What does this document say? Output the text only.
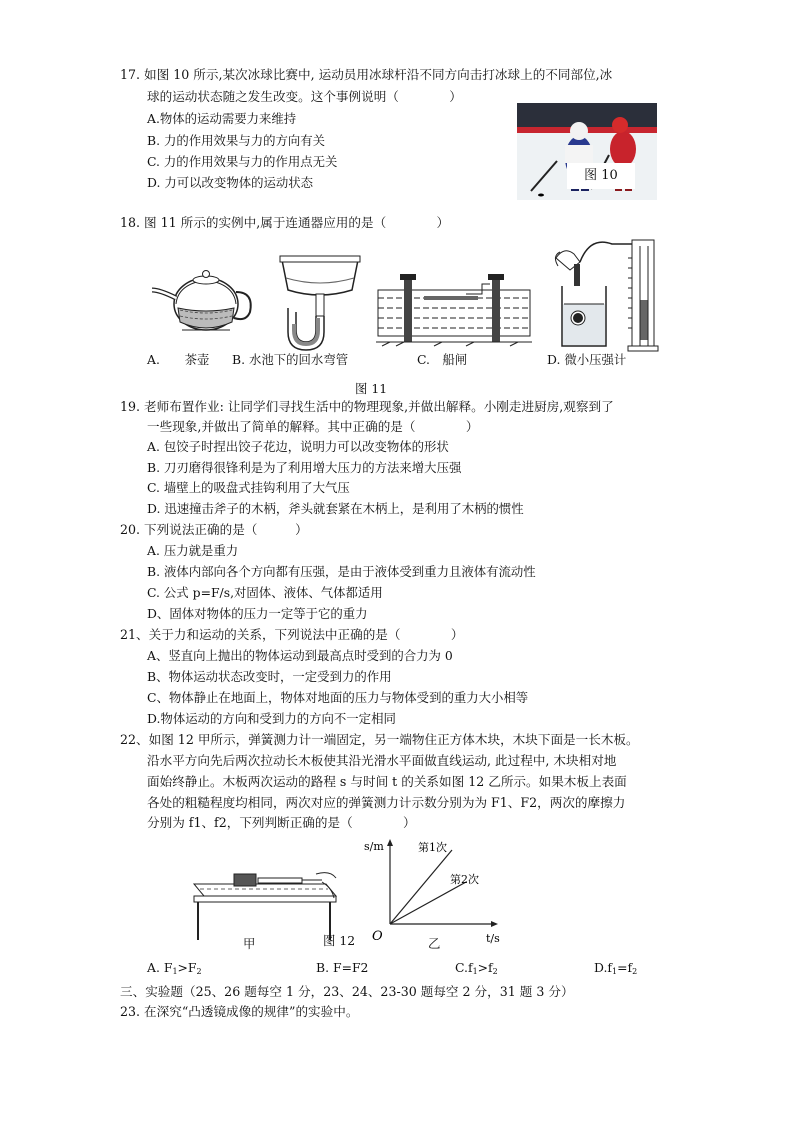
17. 如图 10 所示,某次冰球比赛中, 运动员用冰球杆沿不同方向击打冰球上的不同部位,冰
球的运动状态随之发生改变。这个事例说明（　　　　）
A.物体的运动需要力来维持
B. 力的作用效果与力的方向有关
C. 力的作用效果与力的作用点无关
D. 力可以改变物体的运动状态	图 10
18. 图 11 所示的实例中,属于连通器应用的是（　　　　）
A.　　茶壶 B. 水池下的回水弯管	C.　船闸	D. 微小压强计
图 11
19. 老师布置作业: 让同学们寻找生活中的物理现象,并做出解释。小刚走进厨房,观察到了
一些现象,并做出了简单的解释。其中正确的是（　　　　）
A. 包饺子时捏出饺子花边，说明力可以改变物体的形状
B. 刀刃磨得很锋利是为了利用增大压力的方法来增大压强
C. 墙壁上的吸盘式挂钩利用了大气压
D. 迅速撞击斧子的木柄，斧头就套紧在木柄上，是利用了木柄的惯性
20. 下列说法正确的是（　　　）
A. 压力就是重力
B. 液体内部向各个方向都有压强，是由于液体受到重力且液体有流动性
C. 公式 p=F/s,对固体、液体、气体都适用
D、固体对物体的压力一定等于它的重力
21、关于力和运动的关系，下列说法中正确的是（　　　　）
A、竖直向上抛出的物体运动到最高点时受到的合力为 0
B、物体运动状态改变时，一定受到力的作用
C、物体静止在地面上，物体对地面的压力与物体受到的重力大小相等
D.物体运动的方向和受到力的方向不一定相同
22、如图 12 甲所示，弹簧测力计一端固定，另一端物住正方体木块，木块下面是一长木板。
沿水平方向先后两次拉动长木板使其沿光滑水平面做直线运动, 此过程中, 木块相对地
面始终静止。木板两次运动的路程 s 与时间 t 的关系如图 12 乙所示。如果木板上表面
各处的粗糙程度均相同，两次对应的弹簧测力计示数分别为为 F1、F2，两次的摩擦力
分别为 f1、f2，下列判断正确的是（　　　　）
甲	图 12
s/m	第1次
第2次
O	t/s
乙
A. $F_1>F_2$	B. F=F2	$C.f_1>f_2$	$D.f_1=f_2$
三、实验题（25、26 题每空 1 分，23、24、23-30 题每空 2 分，31 题 3 分）
23. 在深究“凸透镜成像的规律”的实验中。
